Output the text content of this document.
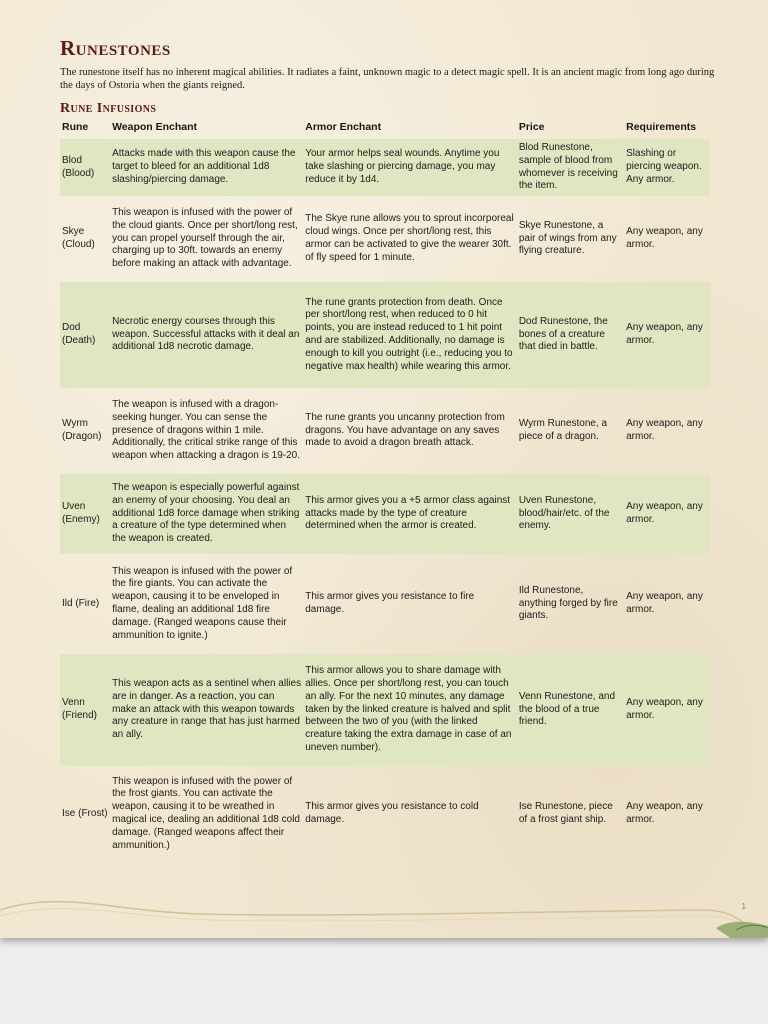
Runestones

The runestone itself has no inherent magical abilities. It radiates a faint, unknown magic to a detect magic spell. It is an ancient magic from long ago during the days of Ostoria when the giants reigned.

Rune Infusions
Rune	Weapon Enchant	Armor Enchant	Price	Requirements
Blod (Blood)	Attacks made with this weapon cause the target to bleed for an additional 1d8 slashing/piercing damage.	Your armor helps seal wounds. Anytime you take slashing or piercing damage, you may reduce it by 1d4.	Blod Runestone, sample of blood from whomever is receiving the item.	Slashing or piercing weapon. Any armor.
Skye (Cloud)	This weapon is infused with the power of the cloud giants. Once per short/long rest, you can propel yourself through the air, charging up to 30ft. towards an enemy before making an attack with advantage.	The Skye rune allows you to sprout incorporeal cloud wings. Once per short/long rest, this armor can be activated to give the wearer 30ft. of fly speed for 1 minute.	Skye Runestone, a pair of wings from any flying creature.	Any weapon, any armor.
Dod (Death)	Necrotic energy courses through this weapon. Successful attacks with it deal an additional 1d8 necrotic damage.	The rune grants protection from death. Once per short/long rest, when reduced to 0 hit points, you are instead reduced to 1 hit point and are stabilized. Additionally, no damage is enough to kill you outright (i.e., reducing you to negative max health) while wearing this armor.	Dod Runestone, the bones of a creature that died in battle.	Any weapon, any armor.
Wyrm (Dragon)	The weapon is infused with a dragon-seeking hunger. You can sense the presence of dragons within 1 mile. Additionally, the critical strike range of this weapon when attacking a dragon is 19-20.	The rune grants you uncanny protection from dragons. You have advantage on any saves made to avoid a dragon breath attack.	Wyrm Runestone, a piece of a dragon.	Any weapon, any armor.
Uven (Enemy)	The weapon is especially powerful against an enemy of your choosing. You deal an additional 1d8 force damage when striking a creature of the type determined when the weapon is created.	This armor gives you a +5 armor class against attacks made by the type of creature determined when the armor is created.	Uven Runestone, blood/hair/etc. of the enemy.	Any weapon, any armor.
Ild (Fire)	This weapon is infused with the power of the fire giants. You can activate the weapon, causing it to be enveloped in flame, dealing an additional 1d8 fire damage. (Ranged weapons cause their ammunition to ignite.)	This armor gives you resistance to fire damage.	Ild Runestone, anything forged by fire giants.	Any weapon, any armor.
Venn (Friend)	This weapon acts as a sentinel when allies are in danger. As a reaction, you can make an attack with this weapon towards any creature in range that has just harmed an ally.	This armor allows you to share damage with allies. Once per short/long rest, you can touch an ally. For the next 10 minutes, any damage taken by the linked creature is halved and split between the two of you (with the linked creature taking the extra damage in case of an uneven number).	Venn Runestone, and the blood of a true friend.	Any weapon, any armor.
Ise (Frost)	This weapon is infused with the power of the frost giants. You can activate the weapon, causing it to be wreathed in magical ice, dealing an additional 1d8 cold damage. (Ranged weapons affect their ammunition.)	This armor gives you resistance to cold damage.	Ise Runestone, piece of a frost giant ship.	Any weapon, any armor.
1
